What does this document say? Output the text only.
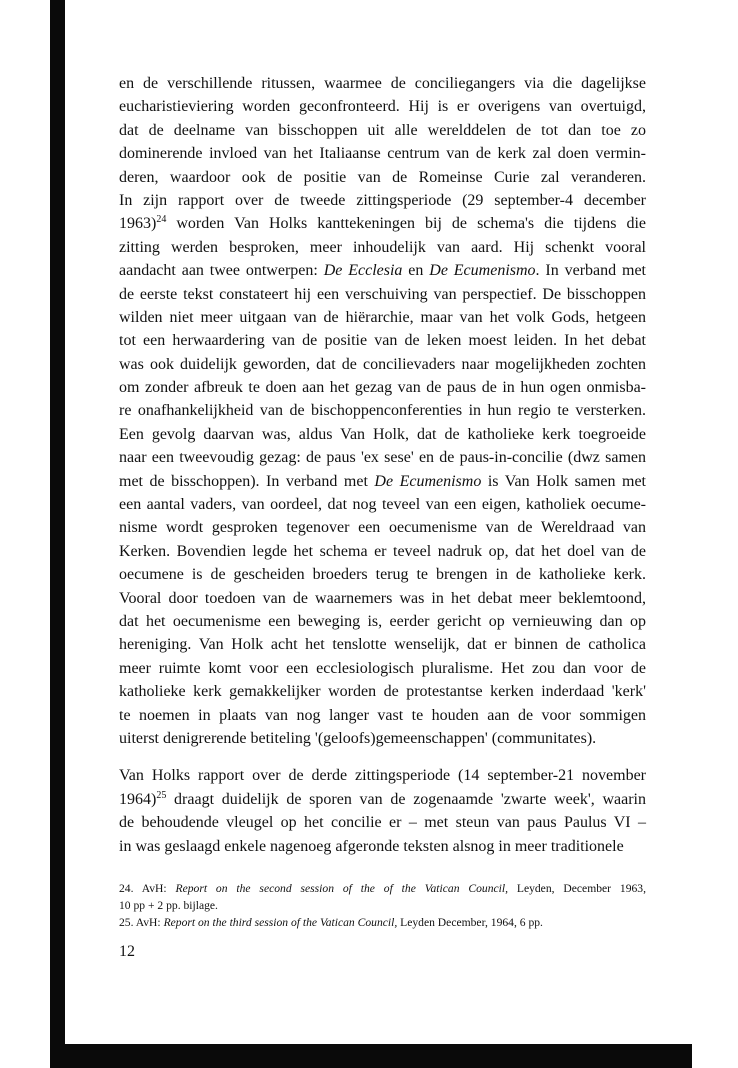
en de verschillende ritussen, waarmee de conciliegangers via die dagelijkse
eucharistieviering worden geconfronteerd. Hij is er overigens van overtuigd,
dat de deelname van bisschoppen uit alle werelddelen de tot dan toe zo
dominerende invloed van het Italiaanse centrum van de kerk zal doen vermin-
deren, waardoor ook de positie van de Romeinse Curie zal veranderen.
In zijn rapport over de tweede zittingsperiode (29 september-4 december
1963)$^{24}$ worden Van Holks kanttekeningen bij de schema's die tijdens die
zitting werden besproken, meer inhoudelijk van aard. Hij schenkt vooral
aandacht aan twee ontwerpen: De Ecclesia en De Ecumenismo. In verband met
de eerste tekst constateert hij een verschuiving van perspectief. De bisschoppen
wilden niet meer uitgaan van de hiërarchie, maar van het volk Gods, hetgeen
tot een herwaardering van de positie van de leken moest leiden. In het debat
was ook duidelijk geworden, dat de concilievaders naar mogelijkheden zochten
om zonder afbreuk te doen aan het gezag van de paus de in hun ogen onmisba-
re onafhankelijkheid van de bischoppenconferenties in hun regio te versterken.
Een gevolg daarvan was, aldus Van Holk, dat de katholieke kerk toegroeide
naar een tweevoudig gezag: de paus 'ex sese' en de paus-in-concilie (dwz samen
met de bisschoppen). In verband met De Ecumenismo is Van Holk samen met
een aantal vaders, van oordeel, dat nog teveel van een eigen, katholiek oecume-
nisme wordt gesproken tegenover een oecumenisme van de Wereldraad van
Kerken. Bovendien legde het schema er teveel nadruk op, dat het doel van de
oecumene is de gescheiden broeders terug te brengen in de katholieke kerk.
Vooral door toedoen van de waarnemers was in het debat meer beklemtoond,
dat het oecumenisme een beweging is, eerder gericht op vernieuwing dan op
hereniging. Van Holk acht het tenslotte wenselijk, dat er binnen de catholica
meer ruimte komt voor een ecclesiologisch pluralisme. Het zou dan voor de
katholieke kerk gemakkelijker worden de protestantse kerken inderdaad 'kerk'
te noemen in plaats van nog langer vast te houden aan de voor sommigen
uiterst denigrerende betiteling '(geloofs)gemeenschappen' (communitates).
Van Holks rapport over de derde zittingsperiode (14 september-21 november
1964)$^{25}$ draagt duidelijk de sporen van de zogenaamde 'zwarte week', waarin
de behoudende vleugel op het concilie er – met steun van paus Paulus VI –
in was geslaagd enkele nagenoeg afgeronde teksten alsnog in meer traditionele
24. AvH: Report on the second session of the of the Vatican Council, Leyden, December 1963,
10 pp + 2 pp. bijlage.
25. AvH: Report on the third session of the Vatican Council, Leyden December, 1964, 6 pp.
12
